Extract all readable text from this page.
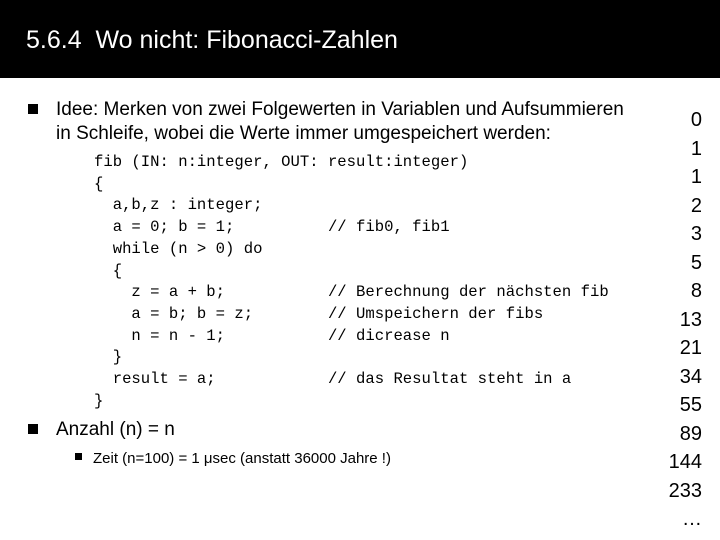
5.6.4  Wo nicht: Fibonacci-Zahlen
Idee: Merken von zwei Folgewerten in Variablen und Aufsummieren
in Schleife, wobei die Werte immer umgespeichert werden:
fib (IN: n:integer, OUT: result:integer)
{
a,b,z : integer;
a = 0; b = 1;          // fib0, fib1
while (n > 0) do
{
z = a + b;           // Berechnung der nächsten fib
a = b; b = z;        // Umspeichern der fibs
n = n - 1;           // dicrease n
}
result = a;            // das Resultat steht in a
}
Anzahl (n) = n
Zeit (n=100) = 1 μsec (anstatt 36000 Jahre !)
0
1
1
2
3
5
8
13
21
34
55
89
144
233
…
